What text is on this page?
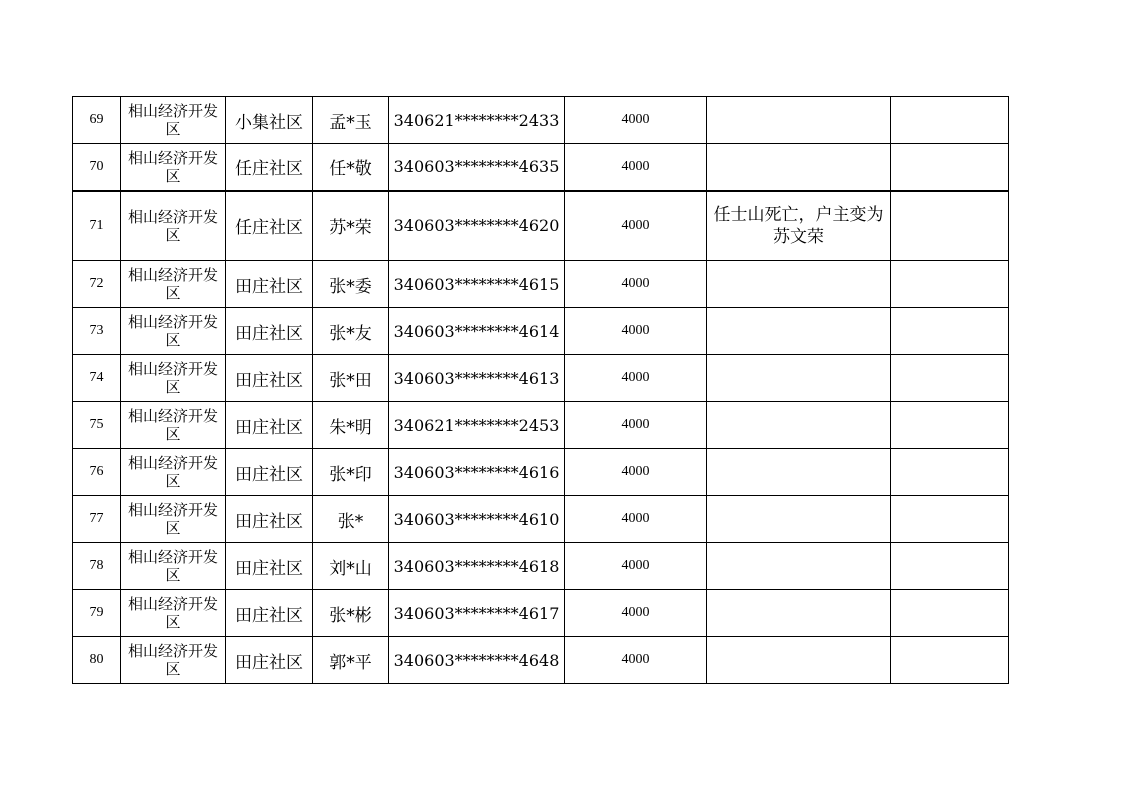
69	相山经济开发区	小集社区	孟*玉	340621********2433	4000		
70	相山经济开发区	任庄社区	任*敬	340603********4635	4000		
71	相山经济开发区	任庄社区	苏*荣	340603********4620	4000	任士山死亡，户主变为苏文荣	
72	相山经济开发区	田庄社区	张*委	340603********4615	4000		
73	相山经济开发区	田庄社区	张*友	340603********4614	4000		
74	相山经济开发区	田庄社区	张*田	340603********4613	4000		
75	相山经济开发区	田庄社区	朱*明	340621********2453	4000		
76	相山经济开发区	田庄社区	张*印	340603********4616	4000		
77	相山经济开发区	田庄社区	张*	340603********4610	4000		
78	相山经济开发区	田庄社区	刘*山	340603********4618	4000		
79	相山经济开发区	田庄社区	张*彬	340603********4617	4000		
80	相山经济开发区	田庄社区	郭*平	340603********4648	4000		
